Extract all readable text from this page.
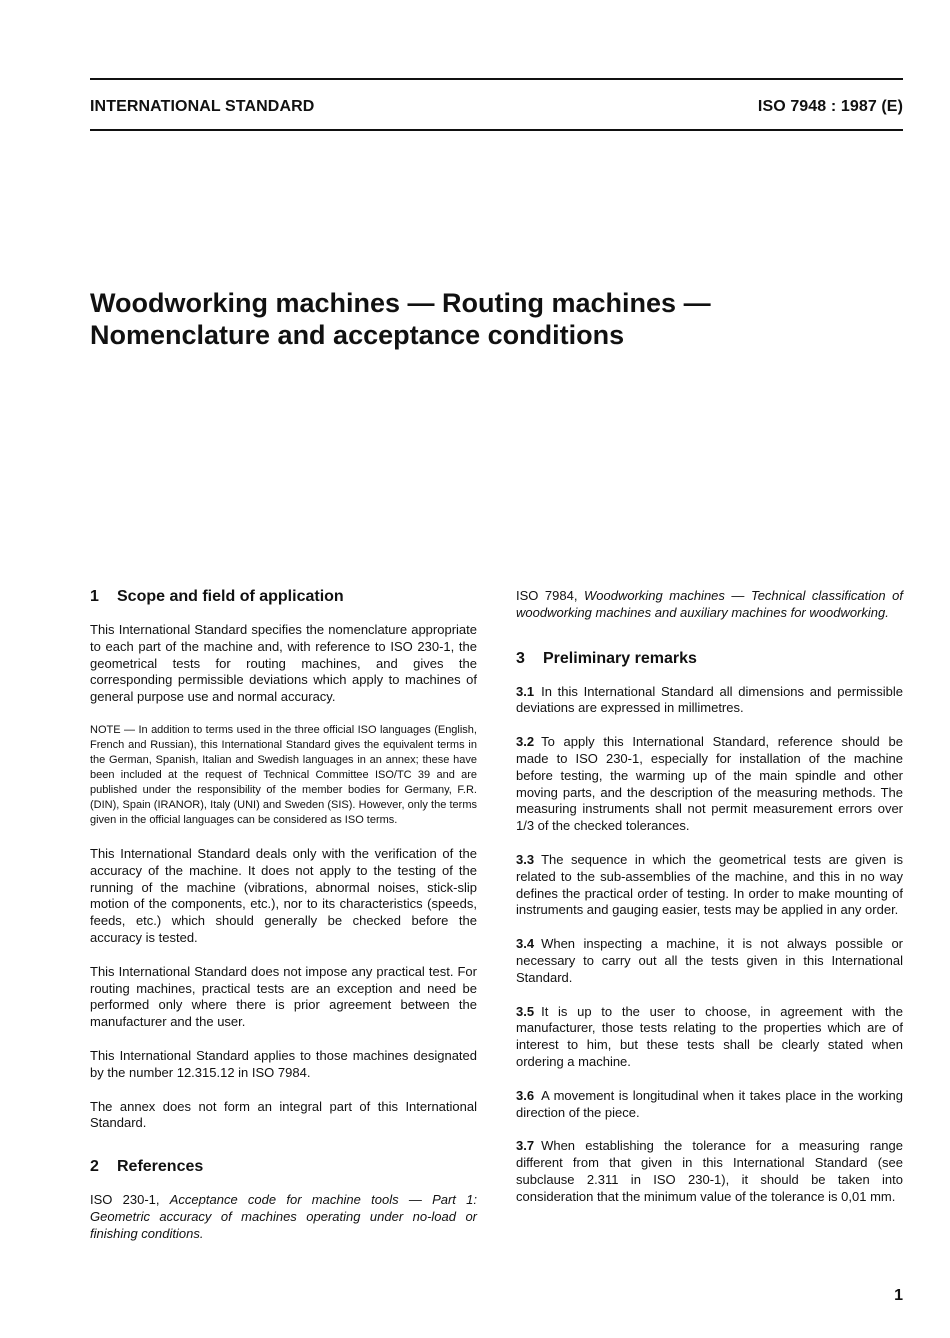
INTERNATIONAL STANDARD	ISO 7948 : 1987 (E)
Woodworking machines — Routing machines —
Nomenclature and acceptance conditions
1 Scope and field of application

This International Standard specifies the nomenclature appropriate to each part of the machine and, with reference to ISO 230-1, the geometrical tests for routing machines, and gives the corresponding permissible deviations which apply to machines of general purpose use and normal accuracy.

NOTE — In addition to terms used in the three official ISO languages (English, French and Russian), this International Standard gives the equivalent terms in the German, Spanish, Italian and Swedish languages in an annex; these have been included at the request of Technical Committee ISO/TC 39 and are published under the responsibility of the member bodies for Germany, F.R. (DIN), Spain (IRANOR), Italy (UNI) and Sweden (SIS). However, only the terms given in the official languages can be considered as ISO terms.

This International Standard deals only with the verification of the accuracy of the machine. It does not apply to the testing of the running of the machine (vibrations, abnormal noises, stick-slip motion of the components, etc.), nor to its characteristics (speeds, feeds, etc.) which should generally be checked before the accuracy is tested.

This International Standard does not impose any practical test. For routing machines, practical tests are an exception and need be performed only where there is prior agreement between the manufacturer and the user.

This International Standard applies to those machines designated by the number 12.315.12 in ISO 7984.

The annex does not form an integral part of this International Standard.

2 References

ISO 230-1, Acceptance code for machine tools — Part 1: Geometric accuracy of machines operating under no-load or finishing conditions.

ISO 7984, Woodworking machines — Technical classification of woodworking machines and auxiliary machines for woodworking.

3 Preliminary remarks

3.1 In this International Standard all dimensions and permissible deviations are expressed in millimetres.

3.2 To apply this International Standard, reference should be made to ISO 230-1, especially for installation of the machine before testing, the warming up of the main spindle and other moving parts, and the description of the measuring methods. The measuring instruments shall not permit measurement errors over 1/3 of the checked tolerances.

3.3 The sequence in which the geometrical tests are given is related to the sub-assemblies of the machine, and this in no way defines the practical order of testing. In order to make mounting of instruments and gauging easier, tests may be applied in any order.

3.4 When inspecting a machine, it is not always possible or necessary to carry out all the tests given in this International Standard.

3.5 It is up to the user to choose, in agreement with the manufacturer, those tests relating to the properties which are of interest to him, but these tests shall be clearly stated when ordering a machine.

3.6 A movement is longitudinal when it takes place in the working direction of the piece.

3.7 When establishing the tolerance for a measuring range different from that given in this International Standard (see subclause 2.311 in ISO 230-1), it should be taken into consideration that the minimum value of the tolerance is 0,01 mm.

1
